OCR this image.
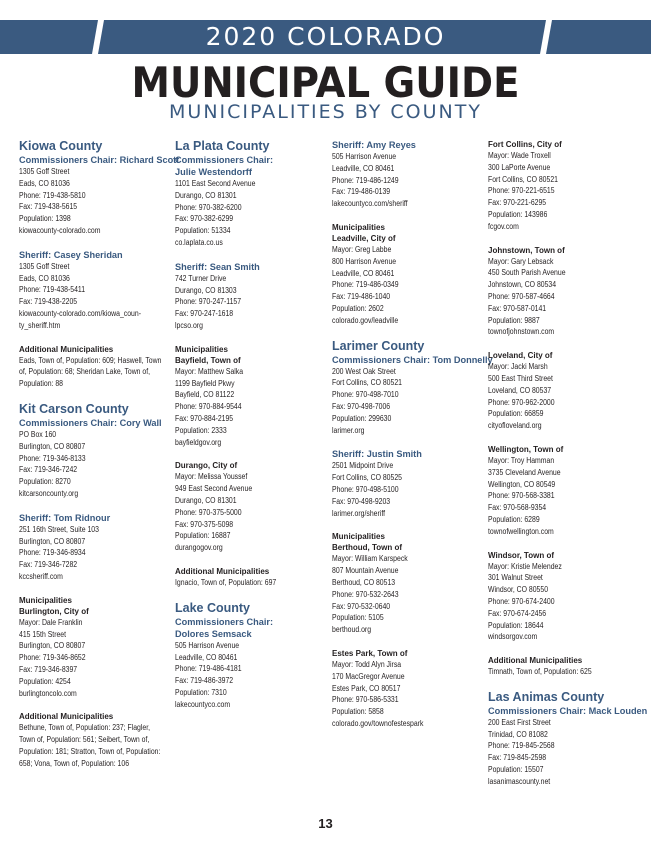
2020 COLORADO
MUNICIPAL GUIDE
MUNICIPALITIES BY COUNTY
Kiowa County
Commissioners Chair: Richard Scott
1305 Goff Street
Eads, CO 81036
Phone: 719-438-5810
Fax: 719-438-5615
Population: 1398
kiowacounty-colorado.com
Sheriff: Casey Sheridan
1305 Goff Street
Eads, CO 81036
Phone: 719-438-5411
Fax: 719-438-2205
kiowacounty-colorado.com/kiowa_coun-
ty_sheriff.htm
Additional Municipalities
Eads, Town of, Population: 609; Haswell, Town
of, Population: 68; Sheridan Lake, Town of,
Population: 88
Kit Carson County
Commissioners Chair: Cory Wall
PO Box 160
Burlington, CO 80807
Phone: 719-346-8133
Fax: 719-346-7242
Population: 8270
kitcarsoncounty.org
Sheriff: Tom Ridnour
251 16th Street, Suite 103
Burlington, CO 80807
Phone: 719-346-8934
Fax: 719-346-7282
kccsheriff.com
Municipalities
Burlington, City of
Mayor: Dale Franklin
415 15th Street
Burlington, CO 80807
Phone: 719-346-8652
Fax: 719-346-8397
Population: 4254
burlingtoncolo.com
Additional Municipalities
Bethune, Town of, Population: 237; Flagler,
Town of, Population: 561; Seibert, Town of,
Population: 181; Stratton, Town of, Population:
658; Vona, Town of, Population: 106
La Plata County
Commissioners Chair:
Julie Westendorff
1101 East Second Avenue
Durango, CO 81301
Phone: 970-382-6200
Fax: 970-382-6299
Population: 51334
co.laplata.co.us
Sheriff: Sean Smith
742 Turner Drive
Durango, CO 81303
Phone: 970-247-1157
Fax: 970-247-1618
lpcso.org
Municipalities
Bayfield, Town of
Mayor: Matthew Salka
1199 Bayfield Pkwy
Bayfield, CO 81122
Phone: 970-884-9544
Fax: 970-884-2195
Population: 2333
bayfieldgov.org
Durango, City of
Mayor: Melissa Youssef
949 East Second Avenue
Durango, CO 81301
Phone: 970-375-5000
Fax: 970-375-5098
Population: 16887
durangogov.org
Additional Municipalities
Ignacio, Town of, Population: 697
Lake County
Commissioners Chair:
Dolores Semsack
505 Harrison Avenue
Leadville, CO 80461
Phone: 719-486-4181
Fax: 719-486-3972
Population: 7310
lakecountyco.com
Sheriff: Amy Reyes
505 Harrison Avenue
Leadville, CO 80461
Phone: 719-486-1249
Fax: 719-486-0139
lakecountyco.com/sheriff
Municipalities
Leadville, City of
Mayor: Greg Labbe
800 Harrison Avenue
Leadville, CO 80461
Phone: 719-486-0349
Fax: 719-486-1040
Population: 2602
colorado.gov/leadville
Larimer County
Commissioners Chair: Tom Donnelly
200 West Oak Street
Fort Collins, CO 80521
Phone: 970-498-7010
Fax: 970-498-7006
Population: 299630
larimer.org
Sheriff: Justin Smith
2501 Midpoint Drive
Fort Collins, CO 80525
Phone: 970-498-5100
Fax: 970-498-9203
larimer.org/sheriff
Municipalities
Berthoud, Town of
Mayor: William Karspeck
807 Mountain Avenue
Berthoud, CO 80513
Phone: 970-532-2643
Fax: 970-532-0640
Population: 5105
berthoud.org
Estes Park, Town of
Mayor: Todd Alyn Jirsa
170 MacGregor Avenue
Estes Park, CO 80517
Phone: 970-586-5331
Population: 5858
colorado.gov/townofestespark
Fort Collins, City of
Mayor: Wade Troxell
300 LaPorte Avenue
Fort Collins, CO 80521
Phone: 970-221-6515
Fax: 970-221-6295
Population: 143986
fcgov.com
Johnstown, Town of
Mayor: Gary Lebsack
450 South Parish Avenue
Johnstown, CO 80534
Phone: 970-587-4664
Fax: 970-587-0141
Population: 9887
townofjohnstown.com
Loveland, City of
Mayor: Jacki Marsh
500 East Third Street
Loveland, CO 80537
Phone: 970-962-2000
Population: 66859
cityofloveland.org
Wellington, Town of
Mayor: Troy Hamman
3735 Cleveland Avenue
Wellington, CO 80549
Phone: 970-568-3381
Fax: 970-568-9354
Population: 6289
townofwellington.com
Windsor, Town of
Mayor: Kristie Melendez
301 Walnut Street
Windsor, CO 80550
Phone: 970-674-2400
Fax: 970-674-2456
Population: 18644
windsorgov.com
Additional Municipalities
Timnath, Town of, Population: 625
Las Animas County
Commissioners Chair: Mack Louden
200 East First Street
Trinidad, CO 81082
Phone: 719-845-2568
Fax: 719-845-2598
Population: 15507
lasanimascounty.net
13
